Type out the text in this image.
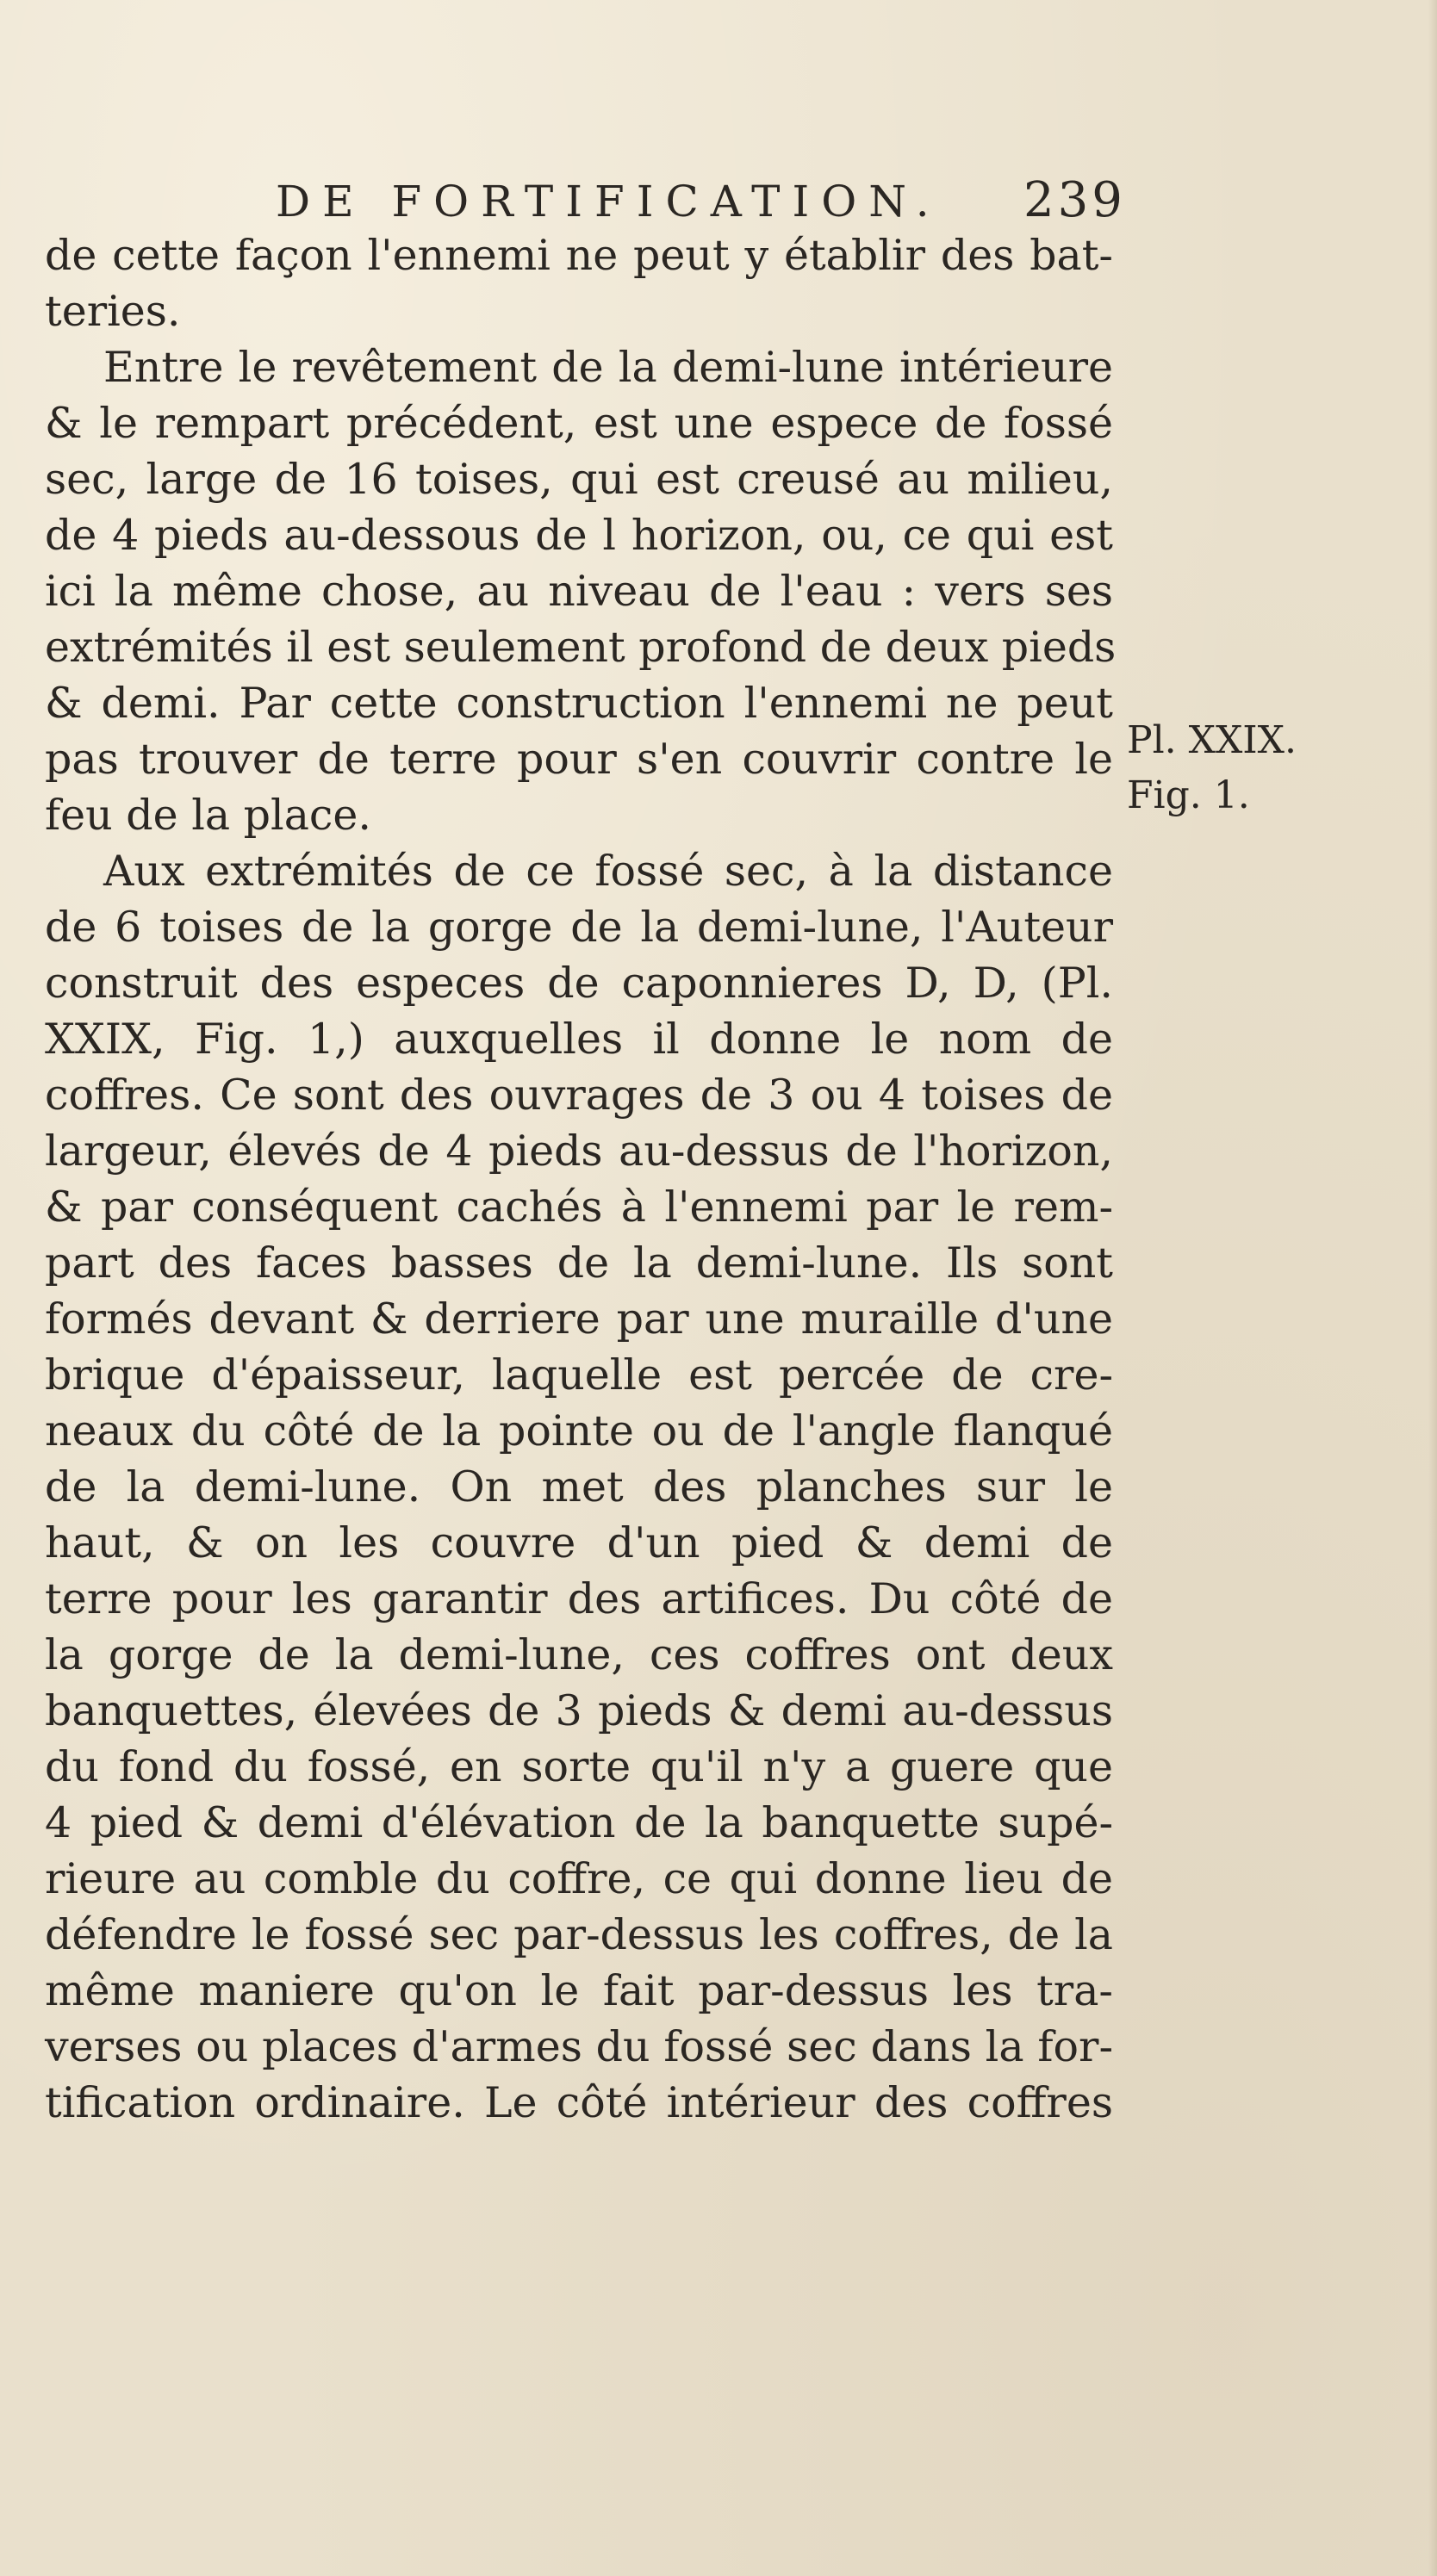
DE FORTIFICATION. 239
de cette façon l'ennemi ne peut y établir des bat-
teries.
Entre le revêtement de la demi-lune intérieure
& le rempart précédent, est une espece de fossé
sec, large de 16 toises, qui est creusé au milieu,
de 4 pieds au-dessous de l horizon, ou, ce qui est
ici la même chose, au niveau de l'eau : vers ses
extrémités il est seulement profond de deux pieds
& demi. Par cette construction l'ennemi ne peut
pas trouver de terre pour s'en couvrir contre le
feu de la place.
Aux extrémités de ce fossé sec, à la distance
de 6 toises de la gorge de la demi-lune, l'Auteur
construit des especes de caponnieres D, D, (Pl.
XXIX, Fig. 1,) auxquelles il donne le nom de
coffres. Ce sont des ouvrages de 3 ou 4 toises de
largeur, élevés de 4 pieds au-dessus de l'horizon,
& par conséquent cachés à l'ennemi par le rem-
part des faces basses de la demi-lune. Ils sont
formés devant & derriere par une muraille d'une
brique d'épaisseur, laquelle est percée de cre-
neaux du côté de la pointe ou de l'angle flanqué
de la demi-lune. On met des planches sur le
haut, & on les couvre d'un pied & demi de
terre pour les garantir des artifices. Du côté de
la gorge de la demi-lune, ces coffres ont deux
banquettes, élevées de 3 pieds & demi au-dessus
du fond du fossé, en sorte qu'il n'y a guere que
4 pied & demi d'élévation de la banquette supé-
rieure au comble du coffre, ce qui donne lieu de
défendre le fossé sec par-dessus les coffres, de la
même maniere qu'on le fait par-dessus les tra-
verses ou places d'armes du fossé sec dans la for-
tification ordinaire. Le côté intérieur des coffres
Pl. XXIX.
Fig. 1.
